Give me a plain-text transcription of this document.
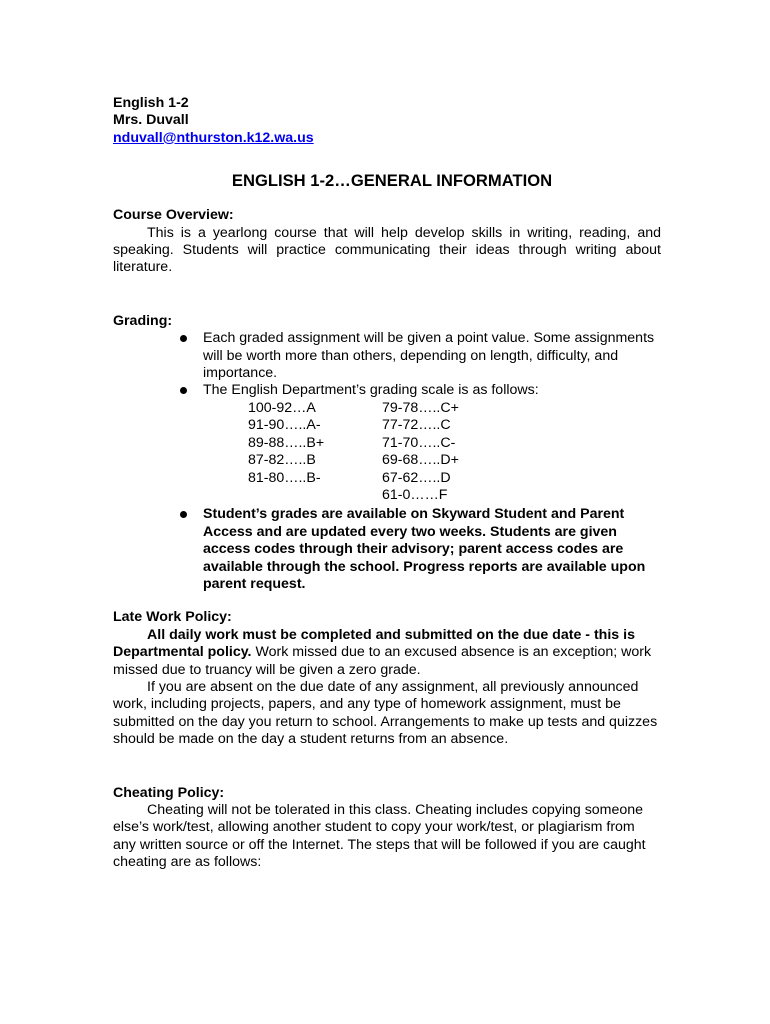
English 1-2
Mrs. Duvall
nduvall@nthurston.k12.wa.us
ENGLISH 1-2…GENERAL INFORMATION
Course Overview:

This is a yearlong course that will help develop skills in writing, reading, and speaking. Students will practice communicating their ideas through writing about literature.

Grading:
Each graded assignment will be given a point value. Some assignments will be worth more than others, depending on length, difficulty, and importance.
The English Department’s grading scale is as follows:
100-92…A
91-90…..A-
89-88…..B+
87-82…..B
81-80…..B-
79-78…..C+
77-72…..C
71-70…..C-
69-68…..D+
67-62…..D
61-0……F
Student’s grades are available on Skyward Student and Parent Access and are updated every two weeks. Students are given access codes through their advisory; parent access codes are available through the school. Progress reports are available upon parent request.
Late Work Policy:

All daily work must be completed and submitted on the due date - this is Departmental policy. Work missed due to an excused absence is an exception; work missed due to truancy will be given a zero grade.

If you are absent on the due date of any assignment, all previously announced work, including projects, papers, and any type of homework assignment, must be submitted on the day you return to school. Arrangements to make up tests and quizzes should be made on the day a student returns from an absence.

Cheating Policy:

Cheating will not be tolerated in this class. Cheating includes copying someone else’s work/test, allowing another student to copy your work/test, or plagiarism from any written source or off the Internet. The steps that will be followed if you are caught cheating are as follows:
